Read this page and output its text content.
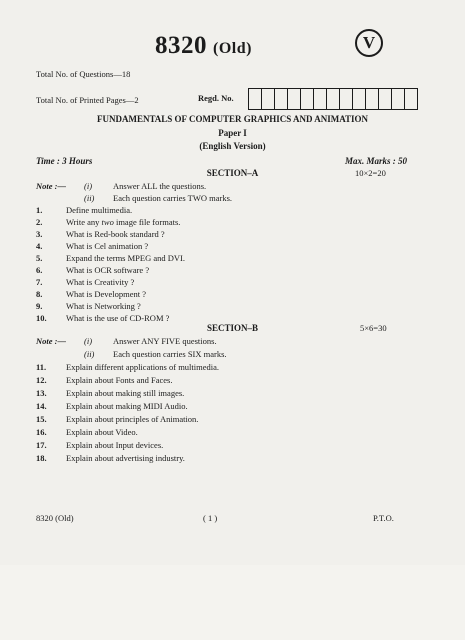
8320 (Old)	V
Total No. of Questions—18
Total No. of Printed Pages—2	Regd. No.
FUNDAMENTALS OF COMPUTER GRAPHICS AND ANIMATION
Paper I
(English Version)
Time : 3 Hours	Max. Marks : 50
SECTION–A	10×2=20
Note :— (i) Answer ALL the questions.
(ii) Each question carries TWO marks.
1.	Define multimedia.
2.	Write any two image file formats.
3.	What is Red-book standard ?
4.	What is Cel animation ?
5.	Expand the terms MPEG and DVI.
6.	What is OCR software ?
7.	What is Creativity ?
8.	What is Development ?
9.	What is Networking ?
10. What is the use of CD-ROM ?
SECTION–B	5×6=30
Note :— (i) Answer ANY FIVE questions.
(ii) Each question carries SIX marks.
11. Explain different applications of multimedia.
12. Explain about Fonts and Faces.
13. Explain about making still images.
14. Explain about making MIDI Audio.
15. Explain about principles of Animation.
16. Explain about Video.
17. Explain about Input devices.
18. Explain about advertising industry.
8320 (Old)	( 1 )	P.T.O.
